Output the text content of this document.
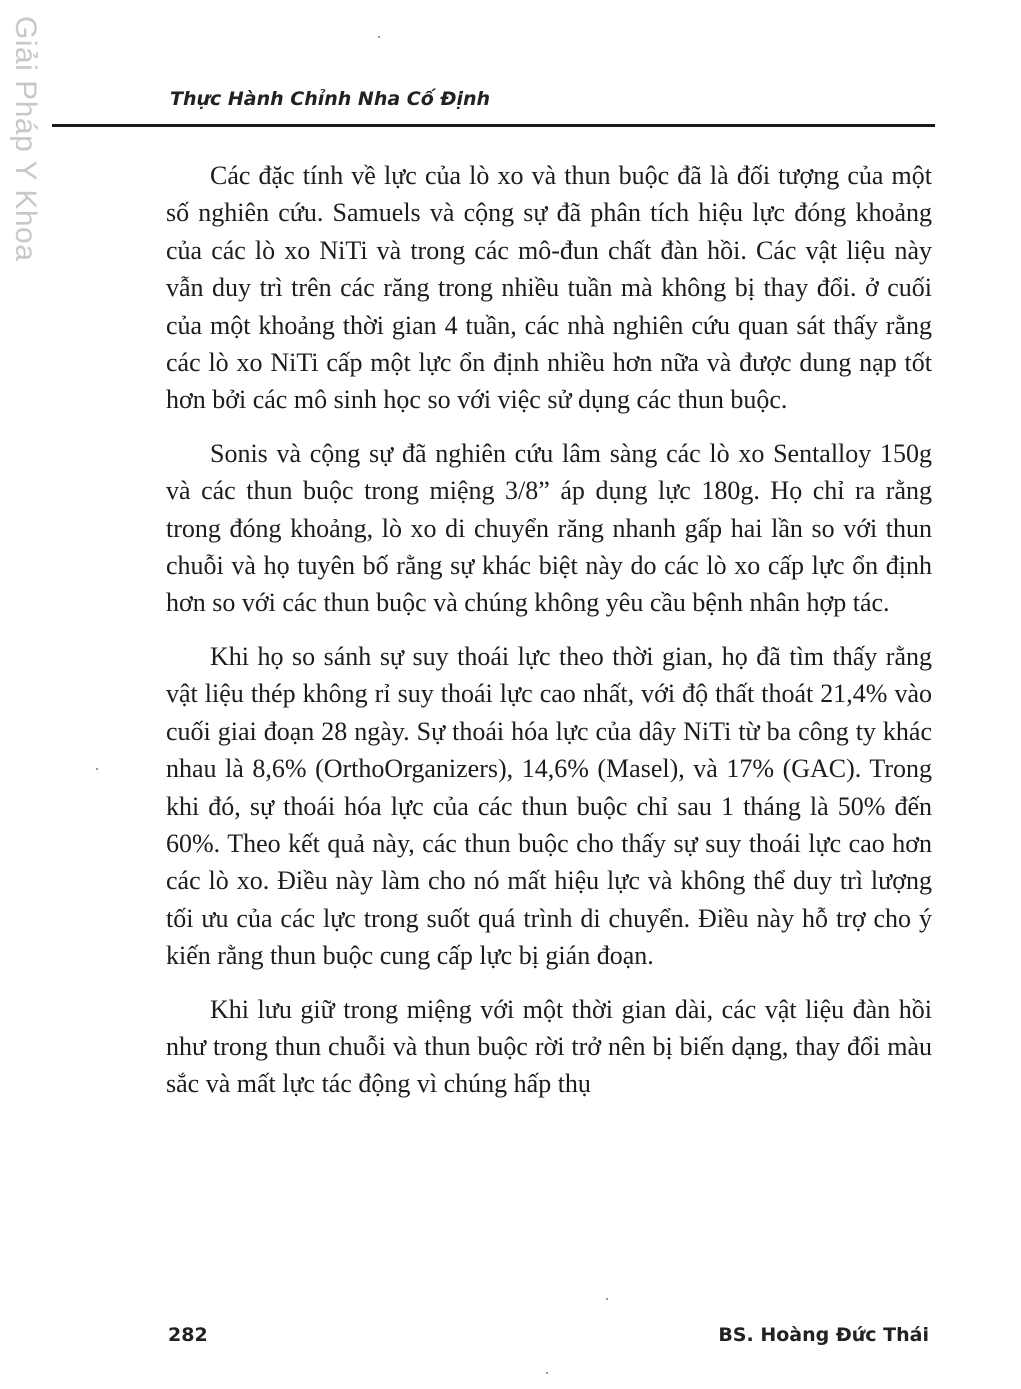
Giải Pháp Y Khoa	Thực Hành Chỉnh Nha Cố Định

Các đặc tính về lực của lò xo và thun buộc đã là đối tượng của một số nghiên cứu. Samuels và cộng sự đã phân tích hiệu lực đóng khoảng của các lò xo NiTi và trong các mô-đun chất đàn hồi. Các vật liệu này vẫn duy trì trên các răng trong nhiều tuần mà không bị thay đổi. ở cuối của một khoảng thời gian 4 tuần, các nhà nghiên cứu quan sát thấy rằng các lò xo NiTi cấp một lực ổn định nhiều hơn nữa và được dung nạp tốt hơn bởi các mô sinh học so với việc sử dụng các thun buộc.

Sonis và cộng sự đã nghiên cứu lâm sàng các lò xo Sentalloy 150g và các thun buộc trong miệng 3/8” áp dụng lực 180g. Họ chỉ ra rằng trong đóng khoảng, lò xo di chuyển răng nhanh gấp hai lần so với thun chuỗi và họ tuyên bố rằng sự khác biệt này do các lò xo cấp lực ổn định hơn so với các thun buộc và chúng không yêu cầu bệnh nhân hợp tác.

Khi họ so sánh sự suy thoái lực theo thời gian, họ đã tìm thấy rằng vật liệu thép không rỉ suy thoái lực cao nhất, với độ thất thoát 21,4% vào cuối giai đoạn 28 ngày. Sự thoái hóa lực của dây NiTi từ ba công ty khác nhau là 8,6% (OrthoOrganizers), 14,6% (Masel), và 17% (GAC). Trong khi đó, sự thoái hóa lực của các thun buộc chỉ sau 1 tháng là 50% đến 60%. Theo kết quả này, các thun buộc cho thấy sự suy thoái lực cao hơn các lò xo. Điều này làm cho nó mất hiệu lực và không thể duy trì lượng tối ưu của các lực trong suốt quá trình di chuyển. Điều này hỗ trợ cho ý kiến rằng thun buộc cung cấp lực bị gián đoạn.

Khi lưu giữ trong miệng với một thời gian dài, các vật liệu đàn hồi như trong thun chuỗi và thun buộc rời trở nên bị biến dạng, thay đổi màu sắc và mất lực tác động vì chúng hấp thụ

282	BS. Hoàng Đức Thái
